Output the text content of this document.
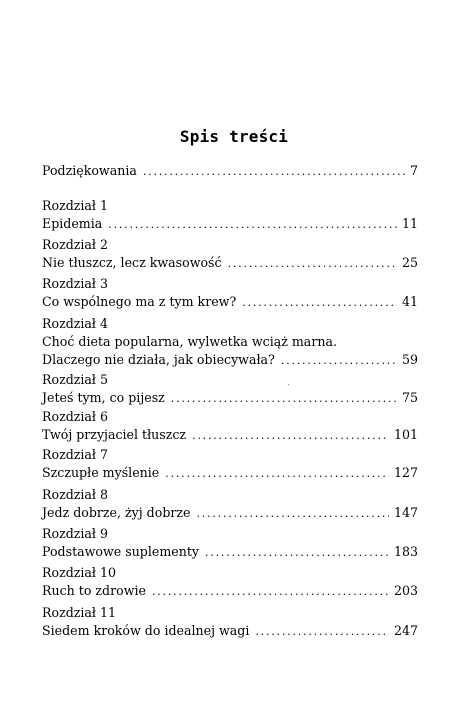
Spis treści
Podziękowania .....	7
Rozdział 1
Epidemia .....	11
Rozdział 2
Nie tłuszcz, lecz kwasowość .....	25
Rozdział 3
Co wspólnego ma z tym krew? .....	41
Rozdział 4
Choć dieta popularna, wylwetka wciąż marna.
Dlaczego nie działa, jak obiecywała? .....	59
Rozdział 5
Jeteś tym, co pijesz .....	75
Rozdział 6
Twój przyjaciel tłuszcz .....	101
Rozdział 7
Szczupłe myślenie .....	127
Rozdział 8
Jedz dobrze, żyj dobrze .....	147
Rozdział 9
Podstawowe suplementy .....	183
Rozdział 10
Ruch to zdrowie .....	203
Rozdział 11
Siedem kroków do idealnej wagi .....	247
